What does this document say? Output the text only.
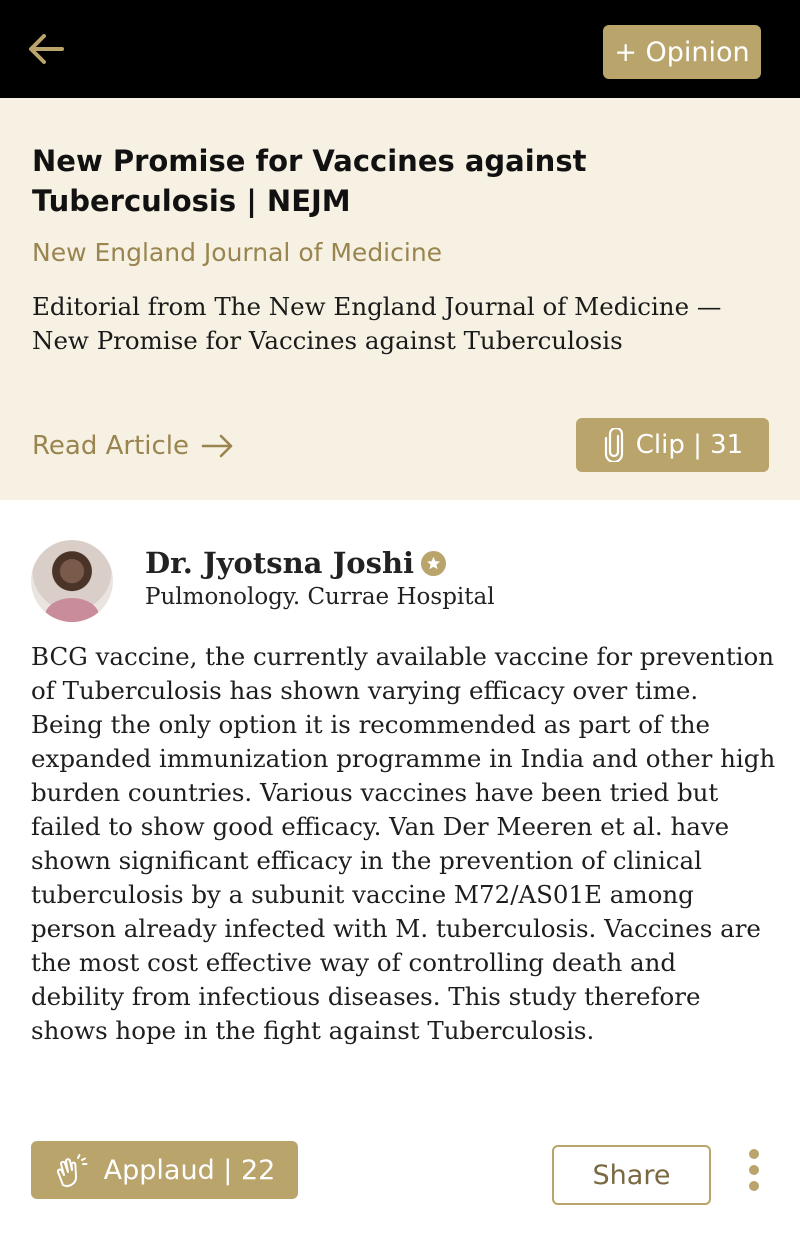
+ Opinion
New Promise for Vaccines against Tuberculosis | NEJM
New England Journal of Medicine
Editorial from The New England Journal of Medicine — New Promise for Vaccines against Tuberculosis
Read Article	Clip | 31
Dr. Jyotsna Joshi
Pulmonology. Currae Hospital
BCG vaccine, the currently available vaccine for prevention of Tuberculosis has shown varying efficacy over time. Being the only option it is recommended as part of the expanded immunization programme in India and other high burden countries. Various vaccines have been tried but failed to show good efficacy. Van Der Meeren et al. have shown significant efficacy in the prevention of clinical tuberculosis by a subunit vaccine M72/AS01E among person already infected with M. tuberculosis. Vaccines are the most cost effective way of controlling death and debility from infectious diseases. This study therefore shows hope in the fight against Tuberculosis.
Applaud | 22	Share
